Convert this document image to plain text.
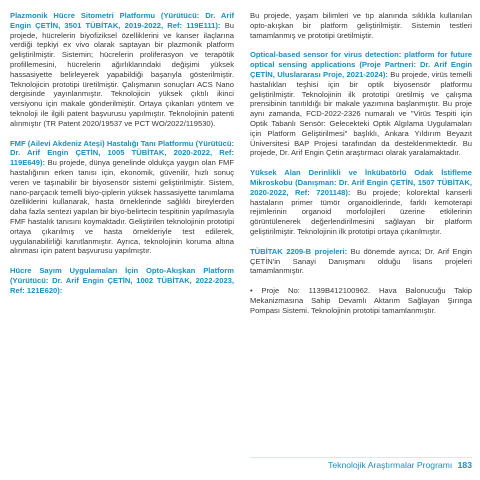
Plazmonik Hücre Sitometri Platformu (Yürütücü: Dr. Arif Engin ÇETİN, 3501 TÜBİTAK, 2019-2022, Ref: 119E111): Bu projede, hücrelerin biyofiziksel özelliklerini ve kanser ilaçlarına verdiği tepkiyi ex vivo olarak saptayan bir plazmonik platform geliştirilmiştir. Sistemin; hücrelerin proliferasyon ve terapötik profillemesini, hücrelerin ağırlıklarındaki değişimi yüksek hassasiyette belirleyerek yapabildiği başarıyla gösterilmiştir. Teknolojicin prototipi üretilmiştir. Çalışmanın sonuçları ACS Nano dergisinde yayınlanmıştır. Teknolojicin yüksek çıktılı ikinci versiyonu için makale gönderilmiştir. Ortaya çıkanları yöntem ve teknoloji ile ilgili patent başvurusu yapılmıştır. Teknolojinin patenti alınmıştır (TR Patent 2020/19537 ve PCT WO/2022/119530).

FMF (Ailevi Akdeniz Ateşi) Hastalığı Tanı Platformu (Yürütücü: Dr. Arif Engin ÇETİN, 1005 TÜBİTAK, 2020-2022, Ref: 119E649): Bu projede, dünya genelinde oldukça yaygın olan FMF hastalığının erken tanısı için, ekonomik, güvenilir, hızlı sonuç veren ve taşınabilir bir biyosensör sistemi geliştirilmiştir. Sistem, nano-parçacık temelli biyo-çiplerin yüksek hassasiyette tanımlama özelliklerini kullanarak, hasta örneklerinde sağlıklı bireylerden daha fazla sentezi yapılan bir biyo-belirtecin tespitinin yapılmasıyla FMF hastalık tanısını koymaktadır. Geliştirilen teknolojinin prototipi ortaya çıkarılmış ve hasta örnekleriyle test edilerek, uygulanabilirliği kanıtlanmıştır. Ayrıca, teknolojinin koruma altına alınması için patent başvurusu yapılmıştır.

Hücre Sayım Uygulamaları İçin Opto-Akışkan Platform (Yürütücü: Dr. Arif Engin ÇETİN, 1002 TÜBİTAK, 2022-2023, Ref: 121E620):

Bu projede, yaşam bilimleri ve tıp alanında sıklıkla kullanılan opto-akışkan bir platform geliştirilmiştir. Sistemin testleri tamamlanmış ve prototipi üretilmiştir.

Optical-based sensor for virus detection: platform for future optical sensing applications (Proje Partneri: Dr. Arif Engin ÇETİN, Uluslararası Proje, 2021-2024): Bu projede, virüs temelli hastalıkları teşhisi için bir optik biyosensör platformu geliştirilmiştir. Teknolojinin ilk prototipi üretilmiş ve çalışma prensibinin tanıtıldığı bir makale yazımına başlanmıştır. Bu proje aynı zamanda, FCD-2022-2326 numaralı ve "Virüs Tespiti için Optik Tabanlı Sensör: Gelecekteki Optik Algılama Uygulamaları için Platform Geliştirilmesi" başlıklı, Ankara Yıldırım Beyazıt Üniversitesi BAP Projesi tarafından da desteklenmektedir. Bu projede, Dr. Arif Engin Çetin araştırmacı olarak yaralamaktadır.

Yüksek Alan Derinlikli ve İnkübatörlü Odak İstifleme Mikroskobu (Danışman: Dr. Arif Engin ÇETİN, 1507 TÜBİTAK, 2020-2022, Ref: 7201148): Bu projede; kolorektal kanserli hastaların primer tümör organoidlerinde, farklı kemoterapi rejimlerinin organoid morfolojileri üzerine etkilerinin görüntülenerek değerlendirilmesini sağlayan bir platform geliştirilmiştir. Teknolojinin ilk prototipi ortaya çıkarılmıştır.

TÜBİTAK 2209-B projeleri: Bu dönemde ayrıca; Dr. Arif Engin ÇETİN'in Sanayi Danışmanı olduğu lisans projeleri tamamlanmıştır.

• Proje No: 1139B412100962. Hava Balonucuğu Takip Mekanizmasına Sahip Devamlı Aktarım Sağlayan Şırınga Pompası Sistemi. Teknolojinin prototipi tamamlanmıştır.

Teknolojik Araştırmalar Programı 183
